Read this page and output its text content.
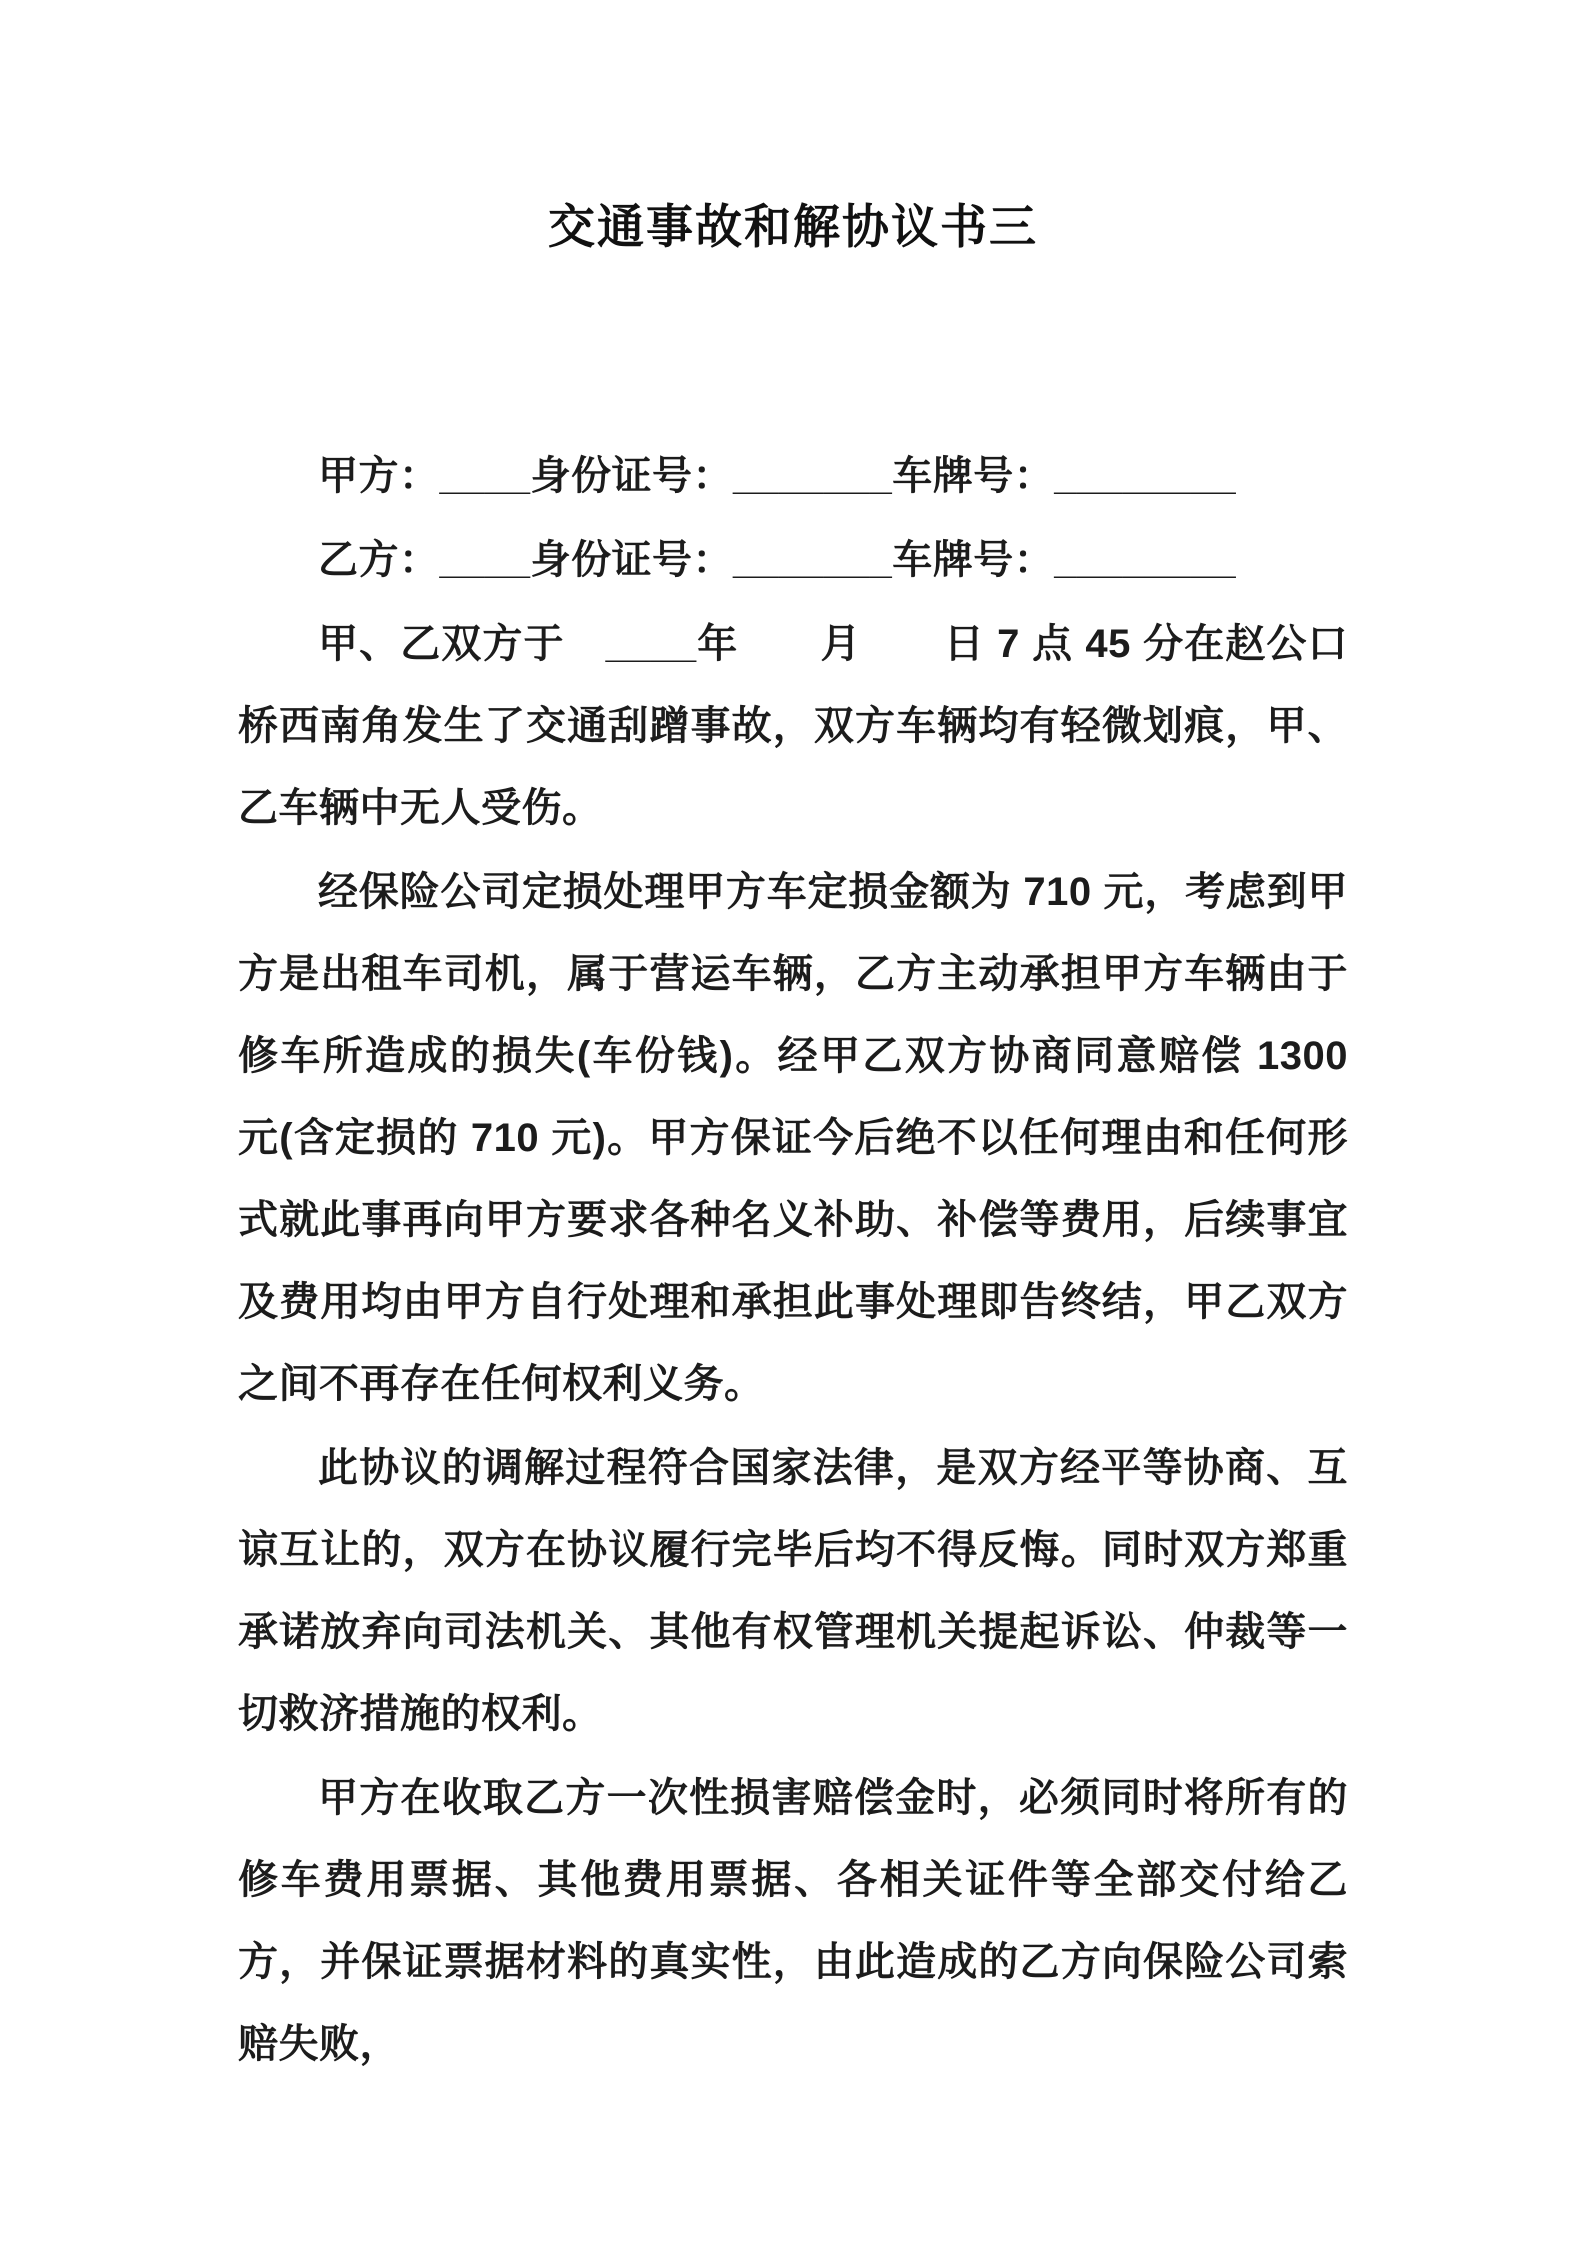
交通事故和解协议书三

甲方：____身份证号：_______车牌号：________

乙方：____身份证号：_______车牌号：________

甲、乙双方于　____年　　月　　日 7 点 45 分在赵公口桥西南角发生了交通刮蹭事故，双方车辆均有轻微划痕，甲、乙车辆中无人受伤。

经保险公司定损处理甲方车定损金额为 710 元，考虑到甲方是出租车司机，属于营运车辆，乙方主动承担甲方车辆由于修车所造成的损失(车份钱)。经甲乙双方协商同意赔偿 1300 元(含定损的 710 元)。甲方保证今后绝不以任何理由和任何形式就此事再向甲方要求各种名义补助、补偿等费用，后续事宜及费用均由甲方自行处理和承担此事处理即告终结，甲乙双方之间不再存在任何权利义务。

此协议的调解过程符合国家法律，是双方经平等协商、互谅互让的，双方在协议履行完毕后均不得反悔。同时双方郑重承诺放弃向司法机关、其他有权管理机关提起诉讼、仲裁等一切救济措施的权利。

甲方在收取乙方一次性损害赔偿金时，必须同时将所有的修车费用票据、其他费用票据、各相关证件等全部交付给乙方，并保证票据材料的真实性，由此造成的乙方向保险公司索赔失败，
